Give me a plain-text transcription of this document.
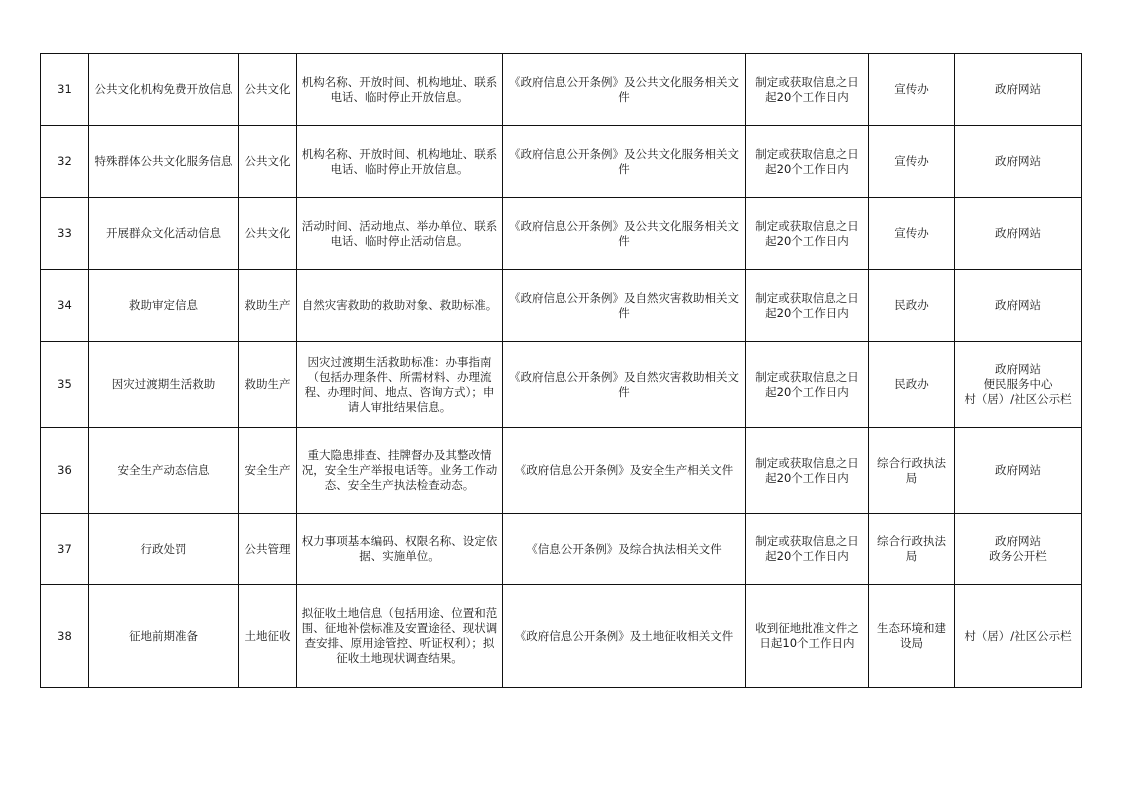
31	公共文化机构免费开放信息	公共文化	机构名称、开放时间、机构地址、联系电话、临时停止开放信息。	《政府信息公开条例》及公共文化服务相关文件	制定或获取信息之日起20个工作日内	宣传办	政府网站

32	特殊群体公共文化服务信息	公共文化	机构名称、开放时间、机构地址、联系电话、临时停止开放信息。	《政府信息公开条例》及公共文化服务相关文件	制定或获取信息之日起20个工作日内	宣传办	政府网站

33	开展群众文化活动信息	公共文化	活动时间、活动地点、举办单位、联系电话、临时停止活动信息。	《政府信息公开条例》及公共文化服务相关文件	制定或获取信息之日起20个工作日内	宣传办	政府网站

34	救助审定信息	救助生产	自然灾害救助的救助对象、救助标准。	《政府信息公开条例》及自然灾害救助相关文件	制定或获取信息之日起20个工作日内	民政办	政府网站

35	因灾过渡期生活救助	救助生产	因灾过渡期生活救助标准：办事指南（包括办理条件、所需材料、办理流程、办理时间、地点、咨询方式）；申请人审批结果信息。	《政府信息公开条例》及自然灾害救助相关文件	制定或获取信息之日起20个工作日内	民政办	政府网站
便民服务中心
村（居）/社区公示栏

36	安全生产动态信息	安全生产	重大隐患排查、挂牌督办及其整改情况，安全生产举报电话等。业务工作动态、安全生产执法检查动态。	《政府信息公开条例》及安全生产相关文件	制定或获取信息之日起20个工作日内	综合行政执法局	政府网站

37	行政处罚	公共管理	权力事项基本编码、权限名称、设定依据、实施单位。	《信息公开条例》及综合执法相关文件	制定或获取信息之日起20个工作日内	综合行政执法局	政府网站
政务公开栏

38	征地前期准备	土地征收	拟征收土地信息（包括用途、位置和范围、征地补偿标准及安置途径、现状调查安排、原用途管控、听证权利）；拟征收土地现状调查结果。	《政府信息公开条例》及土地征收相关文件	收到征地批准文件之日起10个工作日内	生态环境和建设局	村（居）/社区公示栏
